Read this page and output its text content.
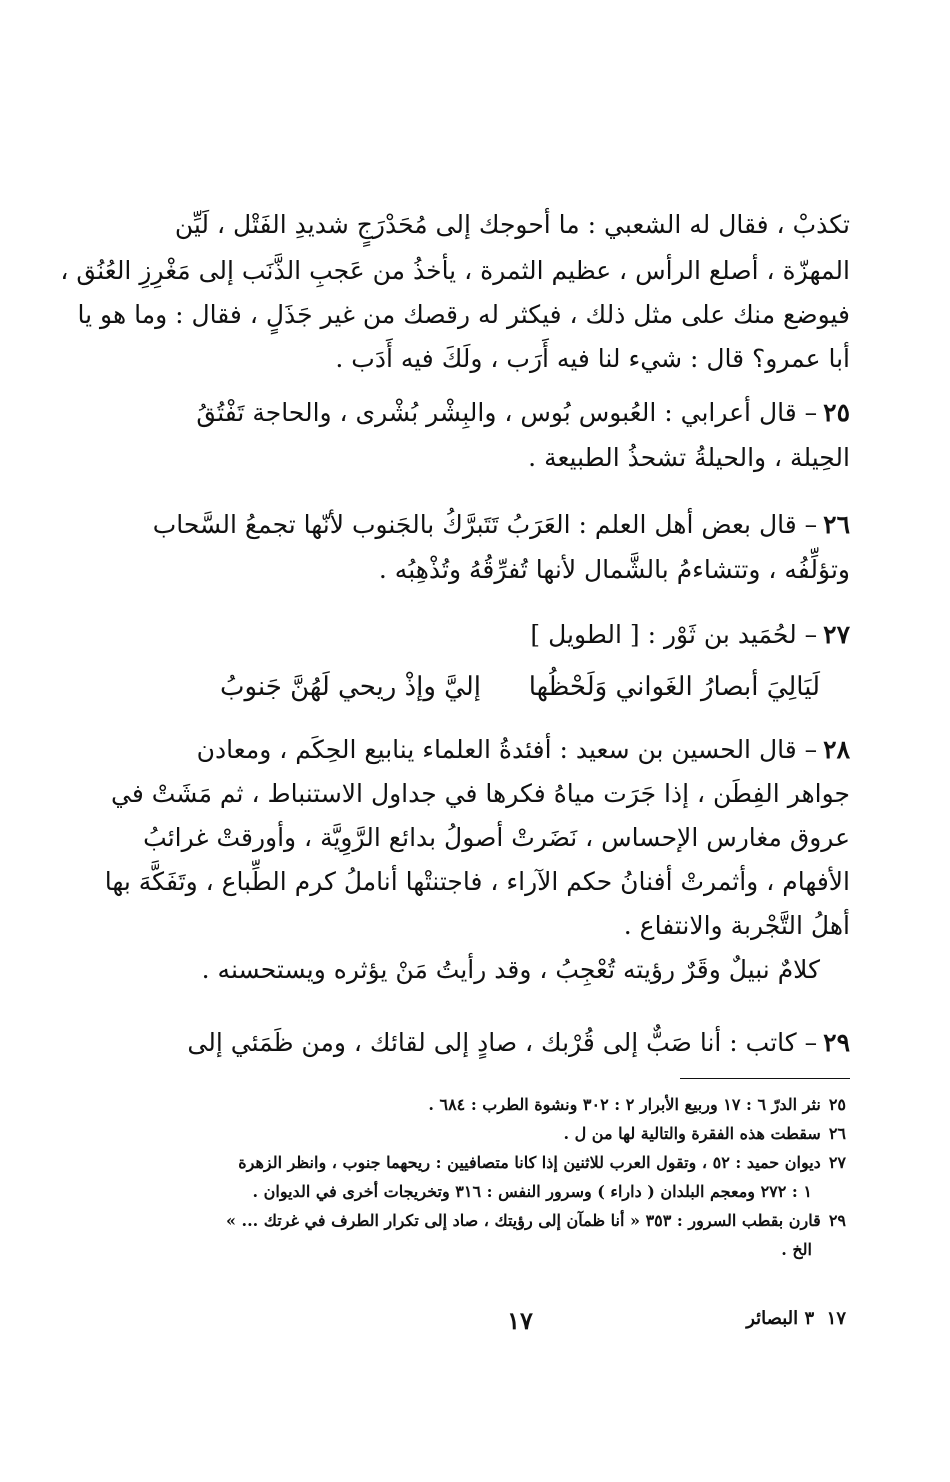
تكذبْ ، فقال له الشعبي : ما أحوجك إلى مُحَدْرَجٍ شديدِ الفَتْل ، لَيِّن
المهزّة ، أصلع الرأس ، عظيم الثمرة ، يأخذُ من عَجبِ الذَّنَب إلى مَغْرِزِ العُنُق ،
فيوضع منك على مثل ذلك ، فيكثر له رقصك من غير جَذَلٍ ، فقال : وما هو يا
أبا عمرو؟ قال : شيء لنا فيه أَرَب ، ولَكَ فيه أَدَب .
٢٥– قال أعرابي : العُبوس بُوس ، والبِشْر بُشْرى ، والحاجة تَفْتُقُ
الحِيلة ، والحيلةُ تشحذُ الطبيعة .
٢٦– قال بعض أهل العلم : العَرَبُ تَتَبرَّكُ بالجَنوب لأنّها تجمعُ السَّحاب
وتؤلِّفُه ، وتتشاءمُ بالشَّمال لأنها تُفرِّقُهُ وتُذْهِبُه .
٢٧– لحُمَيد بن ثَوْر : [ الطويل ]
لَيَالِيَ أبصارُ الغَواني وَلَحْظُها
إليَّ وإذْ ريحي لَهُنَّ جَنوبُ
٢٨– قال الحسين بن سعيد : أفئدةُ العلماء ينابيع الحِكَم ، ومعادن
جواهر الفِطَن ، إذا جَرَت مياهُ فكرها في جداول الاستنباط ، ثم مَشَتْ في
عروق مغارس الإحساس ، نَضَرتْ أصولُ بدائع الرَّوِيَّة ، وأورقتْ غرائبُ
الأفهام ، وأثمرتْ أفنانُ حكم الآراء ، فاجتنتْها أناملُ كرم الطِّباع ، وتَفَكَّهَ بها
أهلُ التَّجْربة والانتفاع .
كلامٌ نبيلٌ وقَرٌ رؤيته تُعْجِبُ ، وقد رأيتُ مَنْ يؤثره ويستحسنه .
٢٩– كاتب : أنا صَبٌّ إلى قُرْبك ، صادٍ إلى لقائك ، ومن ظَمَئي إلى
٢٥نثر الدرّ ٦ : ١٧ وربيع الأبرار ٢ : ٣٠٢ ونشوة الطرب : ٦٨٤ .
٢٦سقطت هذه الفقرة والتالية لها من ل .
٢٧ديوان حميد : ٥٢ ، وتقول العرب للاثنين إذا كانا متصافيين : ريحهما جنوب ، وانظر الزهرة
١ : ٢٧٢ ومعجم البلدان ( داراء ) وسرور النفس : ٣١٦ وتخريجات أخرى في الديوان .
٢٩قارن بقطب السرور : ٣٥٣ « أنا ظمآن إلى رؤيتك ، صاد إلى تكرار الطرف في غرتك ... »
الخ .
١٧	١٧ ‏ ٣ البصائر
